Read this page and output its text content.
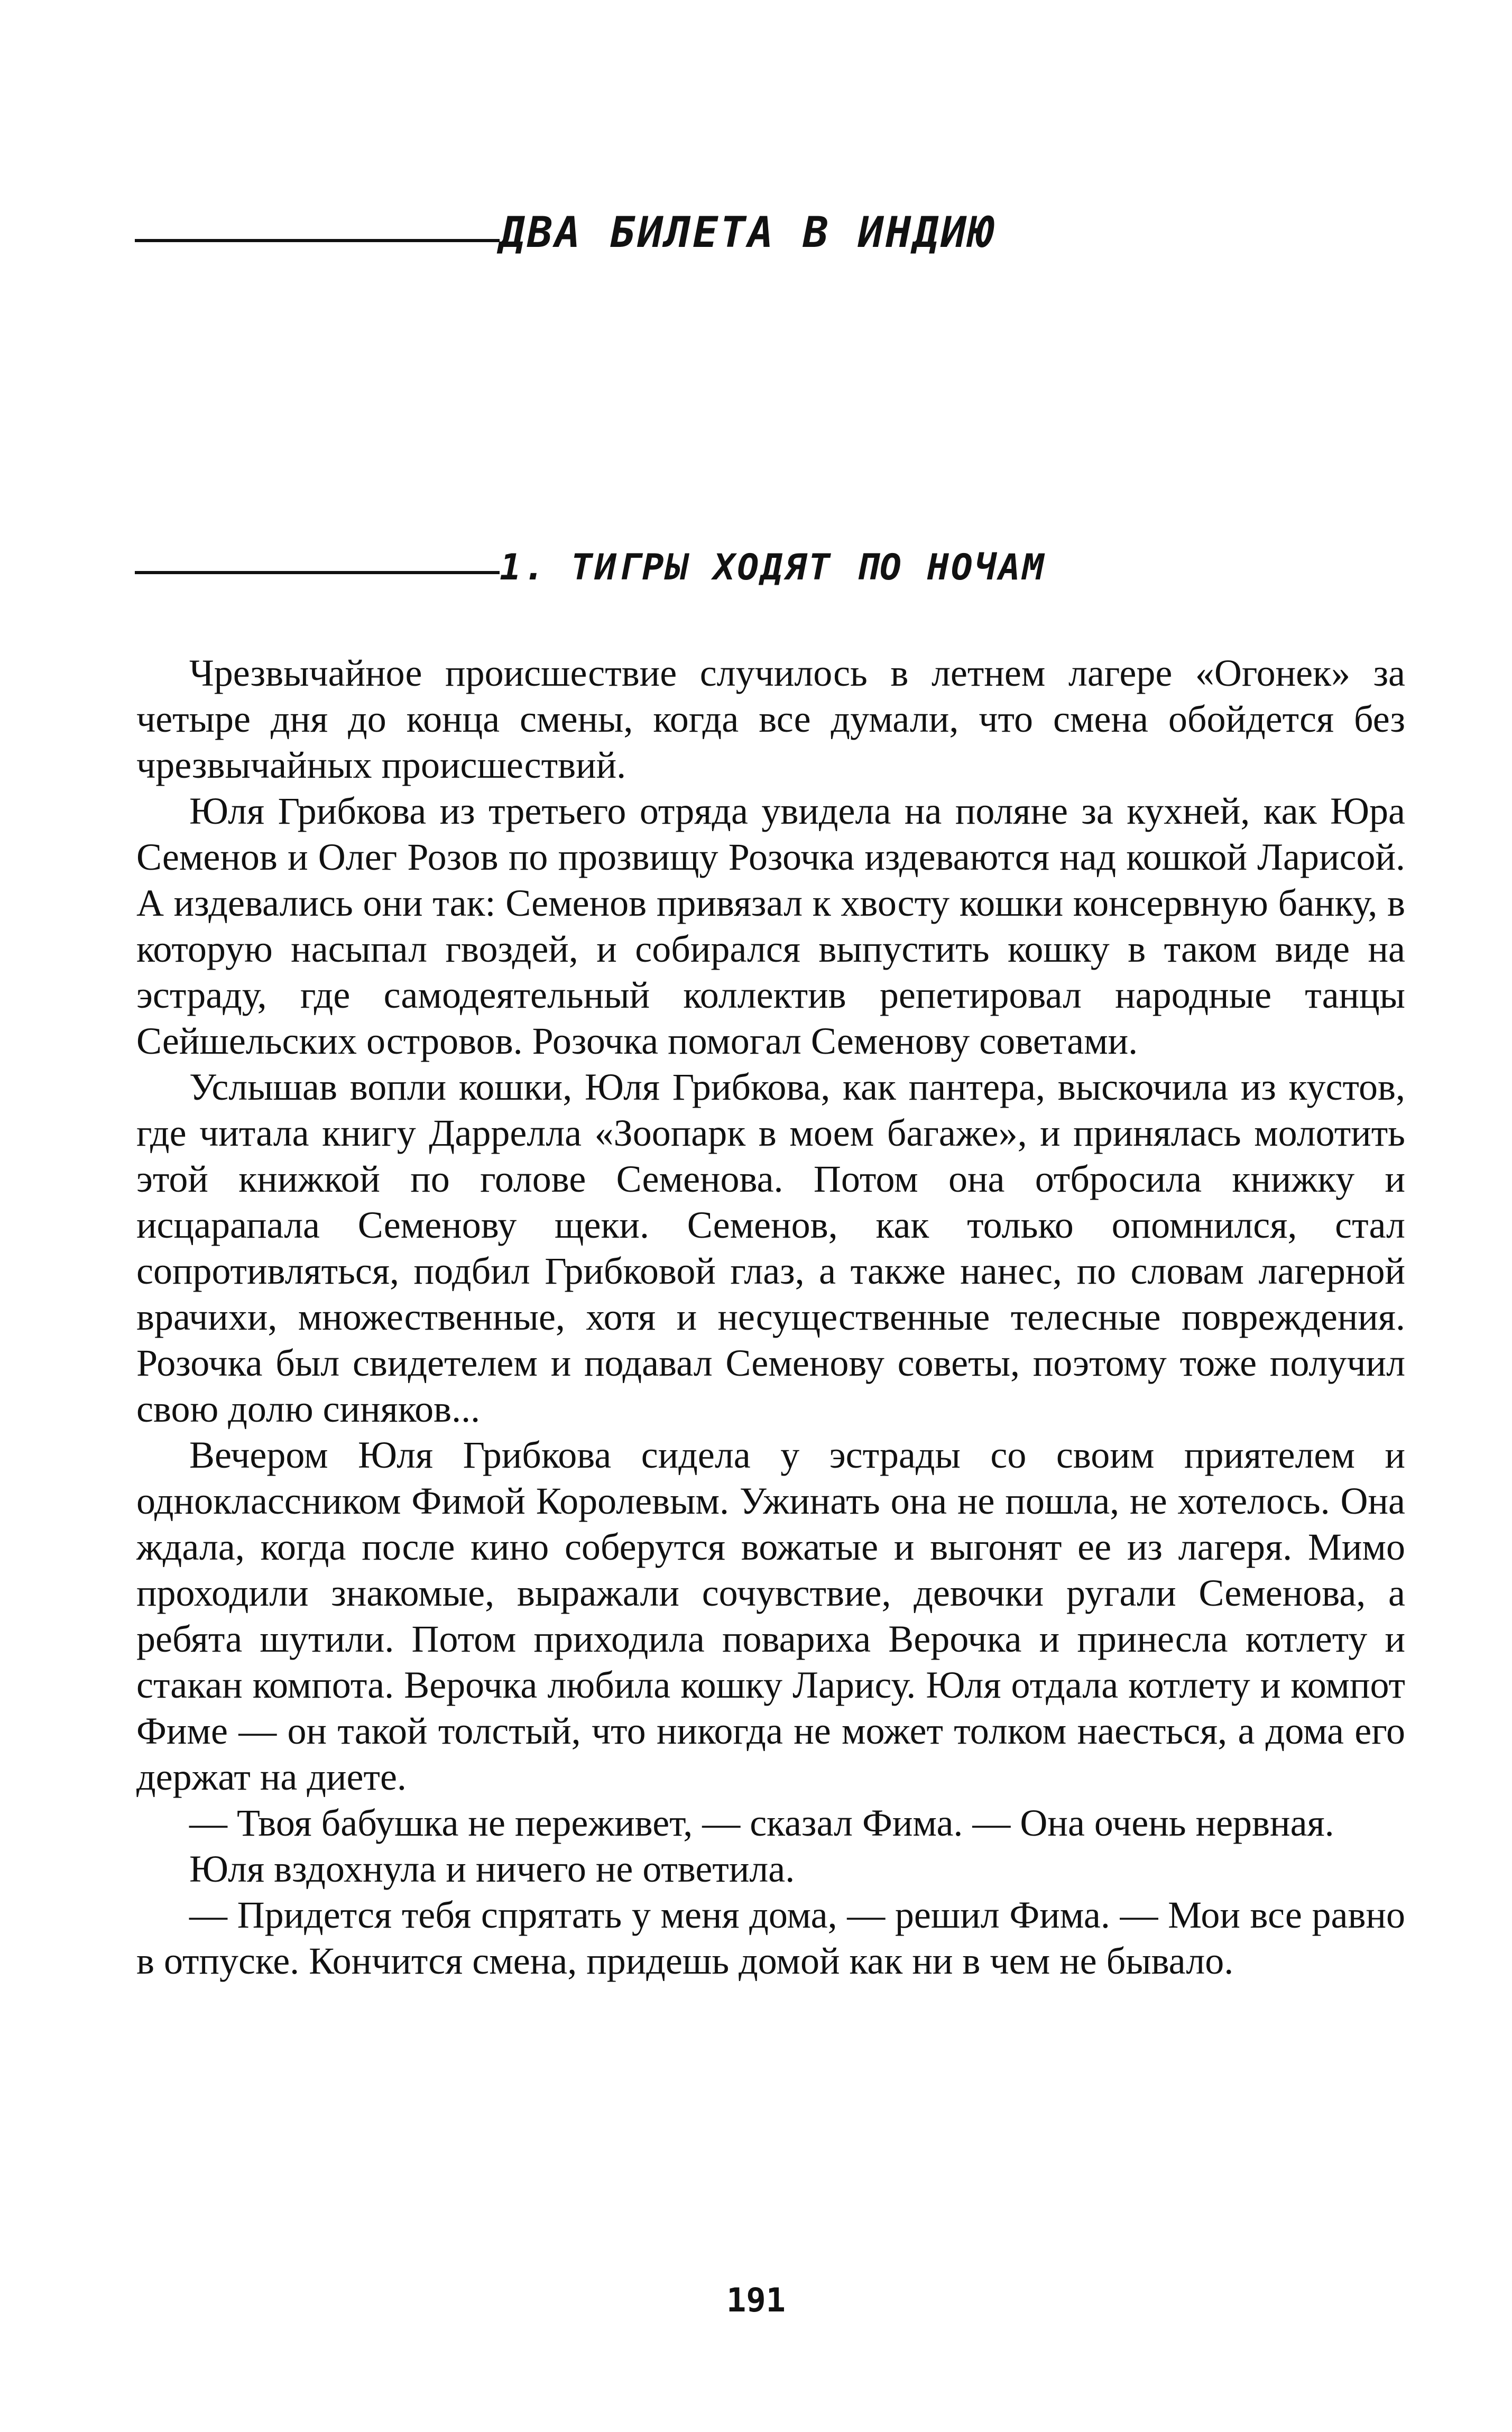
ДВА БИЛЕТА В ИНДИЮ
1. ТИГРЫ ХОДЯТ ПО НОЧАМ

Чрезвычайное происшествие случилось в летнем лагере «Огонек» за четыре дня до конца смены, когда все думали, что смена обойдется без чрезвычайных происшествий.

Юля Грибкова из третьего отряда увидела на поляне за кухней, как Юра Семенов и Олег Розов по прозвищу Розочка издеваются над кошкой Ларисой. А издевались они так: Семенов привязал к хвосту кошки консервную банку, в которую насыпал гвоздей, и собирался выпустить кошку в таком виде на эстраду, где самодеятельный коллектив репетировал народные танцы Сейшельских островов. Розочка помогал Семенову советами.

Услышав вопли кошки, Юля Грибкова, как пантера, выскочила из кустов, где читала книгу Даррелла «Зоопарк в моем багаже», и принялась молотить этой книжкой по голове Семенова. Потом она отбросила книжку и исцарапала Семенову щеки. Семенов, как только опомнился, стал сопротивляться, подбил Грибковой глаз, а также нанес, по словам лагерной врачихи, множественные, хотя и несущественные телесные повреждения. Розочка был свидетелем и подавал Семенову советы, поэтому тоже получил свою долю синяков...

Вечером Юля Грибкова сидела у эстрады со своим приятелем и одноклассником Фимой Королевым. Ужинать она не пошла, не хотелось. Она ждала, когда после кино соберутся вожатые и выгонят ее из лагеря. Мимо проходили знакомые, выражали сочувствие, девочки ругали Семенова, а ребята шутили. Потом приходила повариха Верочка и принесла котлету и стакан компота. Верочка любила кошку Ларису. Юля отдала котлету и компот Фиме — он такой толстый, что никогда не может толком наесться, а дома его держат на диете.

— Твоя бабушка не переживет, — сказал Фима. — Она очень нервная.

Юля вздохнула и ничего не ответила.

— Придется тебя спрятать у меня дома, — решил Фима. — Мои все равно в отпуске. Кончится смена, придешь домой как ни в чем не бывало.

191
